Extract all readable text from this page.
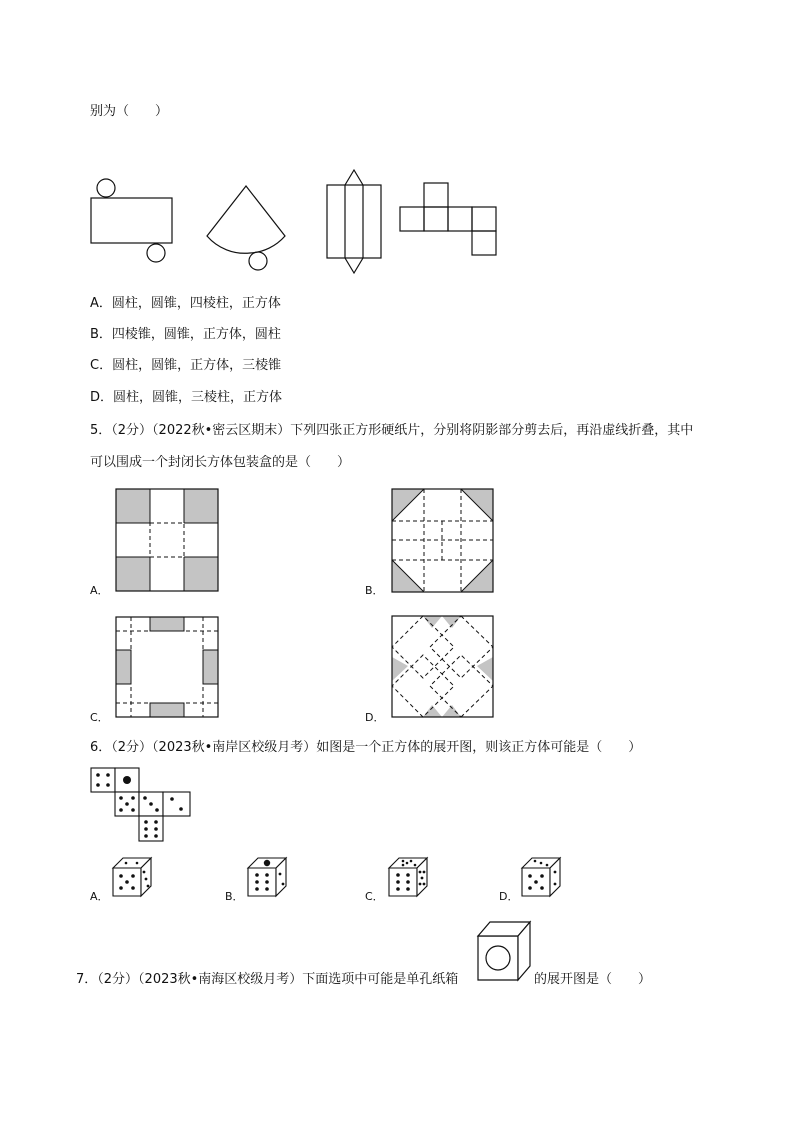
别为（　　）
A．圆柱，圆锥，四棱柱，正方体
B．四棱锥，圆锥，正方体，圆柱
C．圆柱，圆锥，正方体，三棱锥
D．圆柱，圆锥，三棱柱，正方体
5．（2分）（2022秋•密云区期末）下列四张正方形硬纸片，分别将阴影部分剪去后，再沿虚线折叠，其中
可以围成一个封闭长方体包装盒的是（　　）
A．	B．
C．	D．
6．（2分）（2023秋•南岸区校级月考）如图是一个正方体的展开图，则该正方体可能是（　　）
A．	B．	C．	D．
7．（2分）（2023秋•南海区校级月考）下面选项中可能是单孔纸箱	的展开图是（　　）
